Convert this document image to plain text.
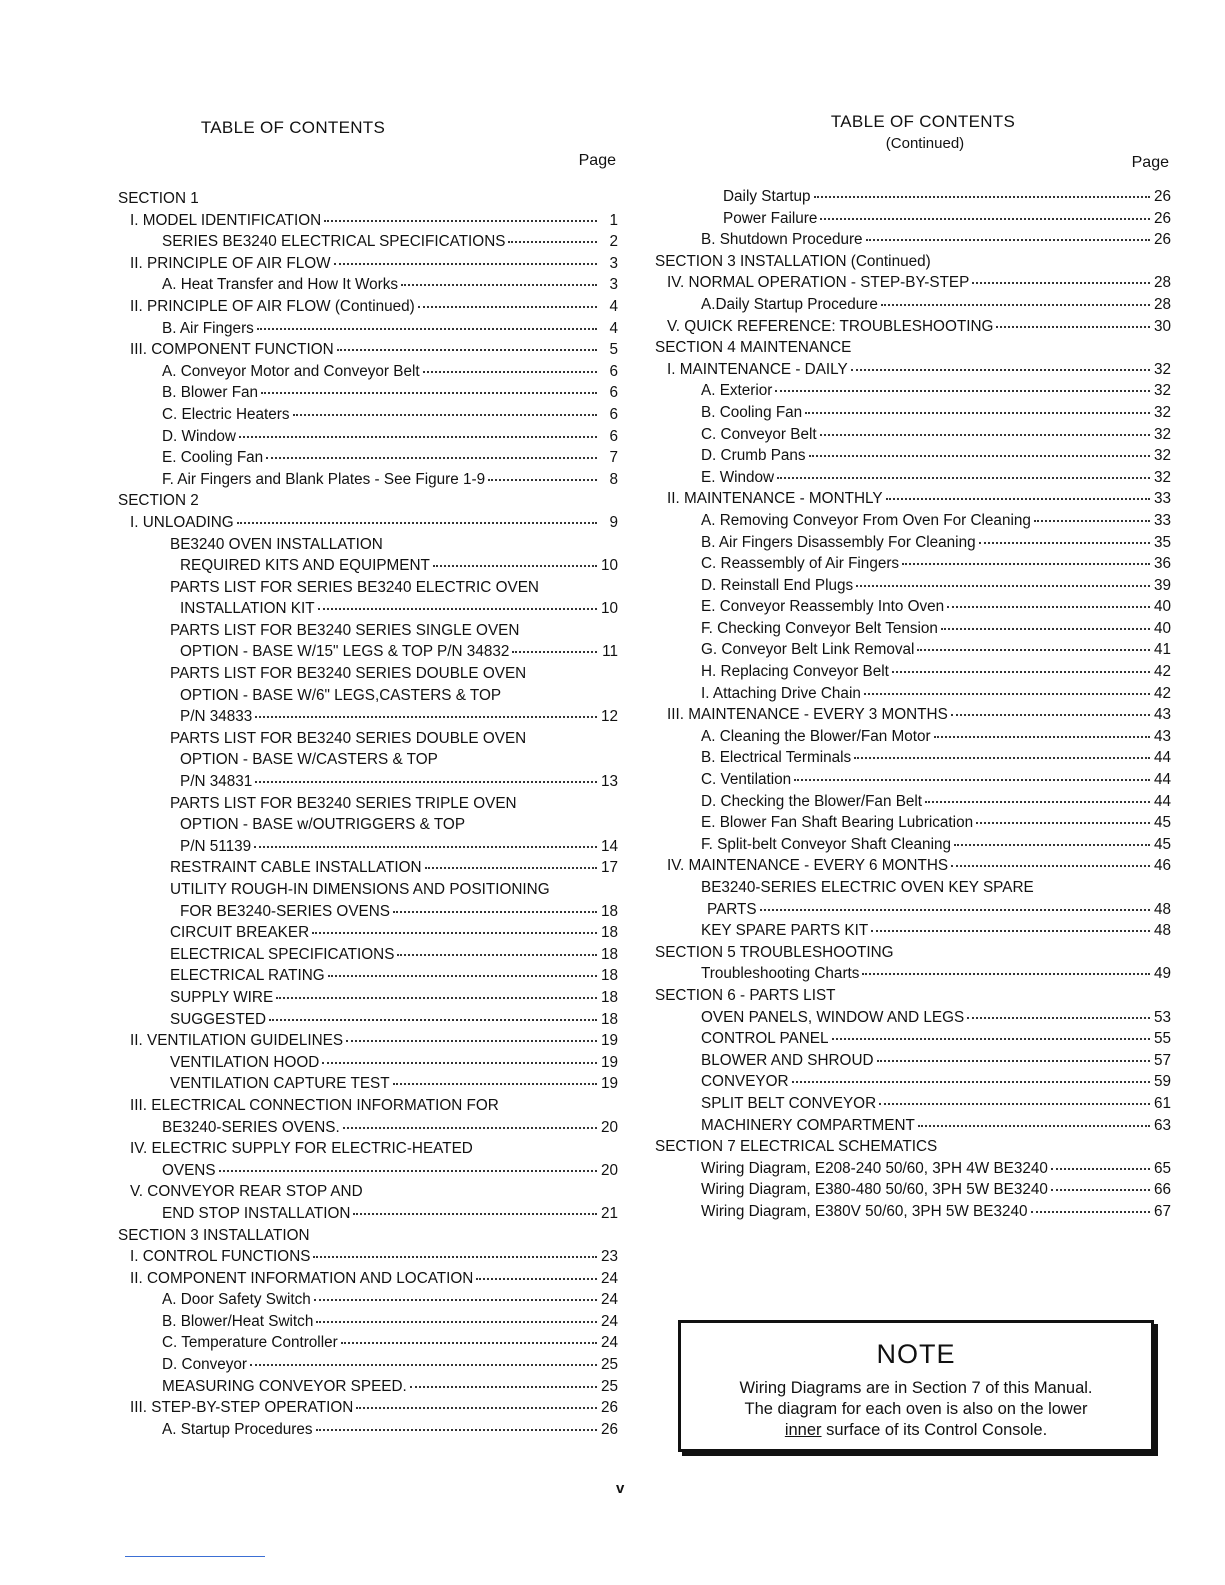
TABLE OF CONTENTS
Page
SECTION 1
I. MODEL IDENTIFICATION	1
SERIES BE3240 ELECTRICAL SPECIFICATIONS	2
II. PRINCIPLE OF AIR FLOW	3
A. Heat Transfer and How It Works	3
II. PRINCIPLE OF AIR FLOW (Continued)	4
B. Air Fingers	4
III. COMPONENT FUNCTION	5
A. Conveyor Motor and Conveyor Belt	6
B. Blower Fan	6
C. Electric Heaters	6
D. Window	6
E. Cooling Fan	7
F. Air Fingers and Blank Plates - See Figure 1-9	8
SECTION 2
I. UNLOADING	9
BE3240 OVEN INSTALLATION
REQUIRED KITS AND EQUIPMENT	10
PARTS LIST FOR SERIES BE3240 ELECTRIC OVEN
INSTALLATION KIT	10
PARTS LIST FOR BE3240 SERIES SINGLE OVEN
OPTION - BASE W/15" LEGS & TOP P/N 34832	11
PARTS LIST FOR BE3240 SERIES DOUBLE OVEN
OPTION - BASE W/6" LEGS,CASTERS & TOP
P/N 34833	12
PARTS LIST FOR BE3240 SERIES DOUBLE OVEN
OPTION - BASE W/CASTERS & TOP
P/N 34831	13
PARTS LIST FOR BE3240 SERIES TRIPLE OVEN
OPTION - BASE w/OUTRIGGERS & TOP
P/N 51139	14
RESTRAINT CABLE INSTALLATION	17
UTILITY ROUGH-IN DIMENSIONS AND POSITIONING
FOR BE3240-SERIES OVENS	18
CIRCUIT BREAKER	18
ELECTRICAL SPECIFICATIONS	18
ELECTRICAL RATING	18
SUPPLY WIRE	18
SUGGESTED	18
II. VENTILATION GUIDELINES	19
VENTILATION HOOD	19
VENTILATION CAPTURE TEST	19
III. ELECTRICAL CONNECTION INFORMATION FOR
BE3240-SERIES OVENS.	20
IV. ELECTRIC SUPPLY FOR ELECTRIC-HEATED
OVENS	20
V. CONVEYOR REAR STOP AND
END STOP INSTALLATION	21
SECTION 3 INSTALLATION
I. CONTROL FUNCTIONS	23
II. COMPONENT INFORMATION AND LOCATION	24
A. Door Safety Switch	24
B. Blower/Heat Switch	24
C. Temperature Controller	24
D. Conveyor	25
MEASURING CONVEYOR SPEED.	25
III. STEP-BY-STEP OPERATION	26
A. Startup Procedures	26
TABLE OF CONTENTS
(Continued)
Page
Daily Startup	26
Power Failure	26
B. Shutdown Procedure	26
SECTION 3 INSTALLATION (Continued)
IV. NORMAL OPERATION - STEP-BY-STEP	28
A.Daily Startup Procedure	28
V. QUICK REFERENCE: TROUBLESHOOTING	30
SECTION 4 MAINTENANCE
I. MAINTENANCE - DAILY	32
A. Exterior	32
B. Cooling Fan	32
C. Conveyor Belt	32
D. Crumb Pans	32
E. Window	32
II. MAINTENANCE - MONTHLY	33
A. Removing Conveyor From Oven For Cleaning	33
B. Air Fingers Disassembly For Cleaning	35
C. Reassembly of Air Fingers	36
D. Reinstall End Plugs	39
E. Conveyor Reassembly Into Oven	40
F. Checking Conveyor Belt Tension	40
G. Conveyor Belt Link Removal	41
H. Replacing Conveyor Belt	42
I. Attaching Drive Chain	42
III. MAINTENANCE - EVERY 3 MONTHS	43
A. Cleaning the Blower/Fan Motor	43
B. Electrical Terminals	44
C. Ventilation	44
D. Checking the Blower/Fan Belt	44
E. Blower Fan Shaft Bearing Lubrication	45
F. Split-belt Conveyor Shaft Cleaning	45
IV. MAINTENANCE - EVERY 6 MONTHS	46
BE3240-SERIES ELECTRIC OVEN KEY SPARE
PARTS	48
KEY SPARE PARTS KIT	48
SECTION 5 TROUBLESHOOTING
Troubleshooting Charts	49
SECTION 6 - PARTS LIST
OVEN PANELS, WINDOW AND LEGS	53
CONTROL PANEL	55
BLOWER AND SHROUD	57
CONVEYOR	59
SPLIT BELT CONVEYOR	61
MACHINERY COMPARTMENT	63
SECTION 7 ELECTRICAL SCHEMATICS
Wiring Diagram, E208-240 50/60, 3PH 4W BE3240	65
Wiring Diagram, E380-480 50/60, 3PH 5W BE3240	66
Wiring Diagram, E380V 50/60, 3PH 5W BE3240	67
NOTE
Wiring Diagrams are in Section 7 of this Manual.
The diagram for each oven is also on the lower
inner surface of its Control Console.
v
